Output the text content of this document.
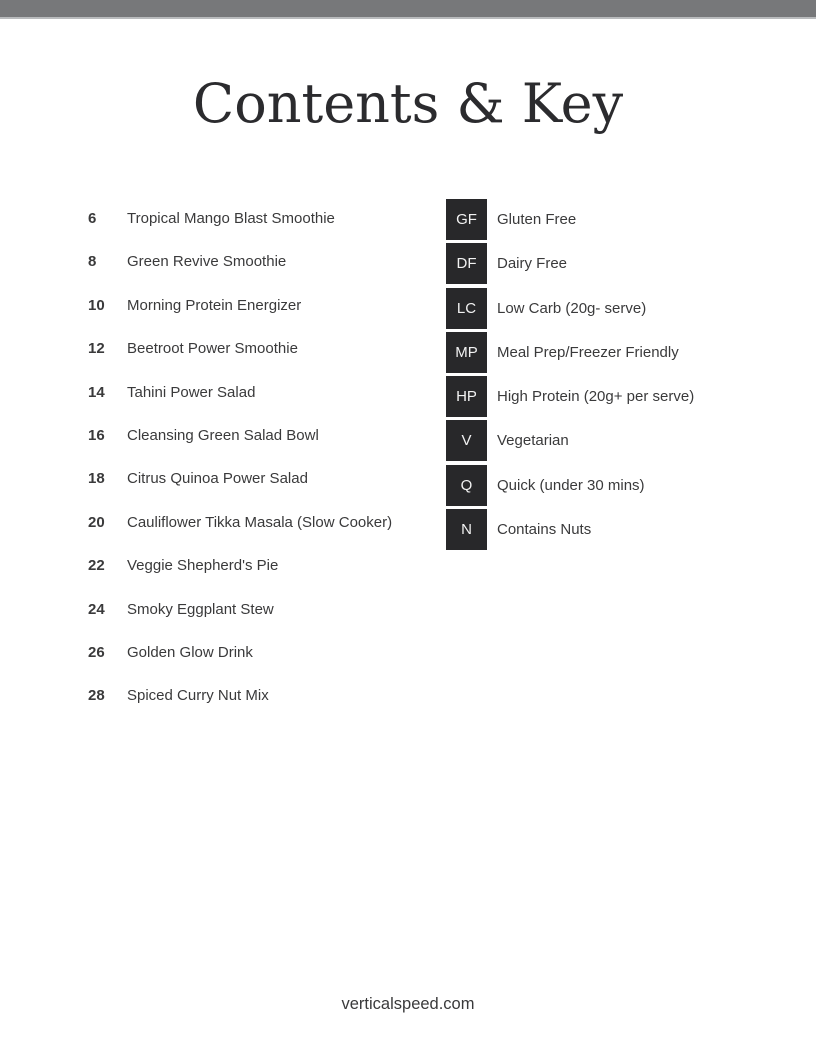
Contents & Key
6	Tropical Mango Blast Smoothie
8	Green Revive Smoothie
10	Morning Protein Energizer
12	Beetroot Power Smoothie
14	Tahini Power Salad
16	Cleansing Green Salad Bowl
18	Citrus Quinoa Power Salad
20	Cauliflower Tikka Masala (Slow Cooker)
22	Veggie Shepherd's Pie
24	Smoky Eggplant Stew
26	Golden Glow Drink
28	Spiced Curry Nut Mix
GF	Gluten Free
DF	Dairy Free
LC	Low Carb (20g- serve)
MP	Meal Prep/Freezer Friendly
HP	High Protein (20g+ per serve)
V	Vegetarian
Q	Quick (under 30 mins)
N	Contains Nuts
verticalspeed.com
